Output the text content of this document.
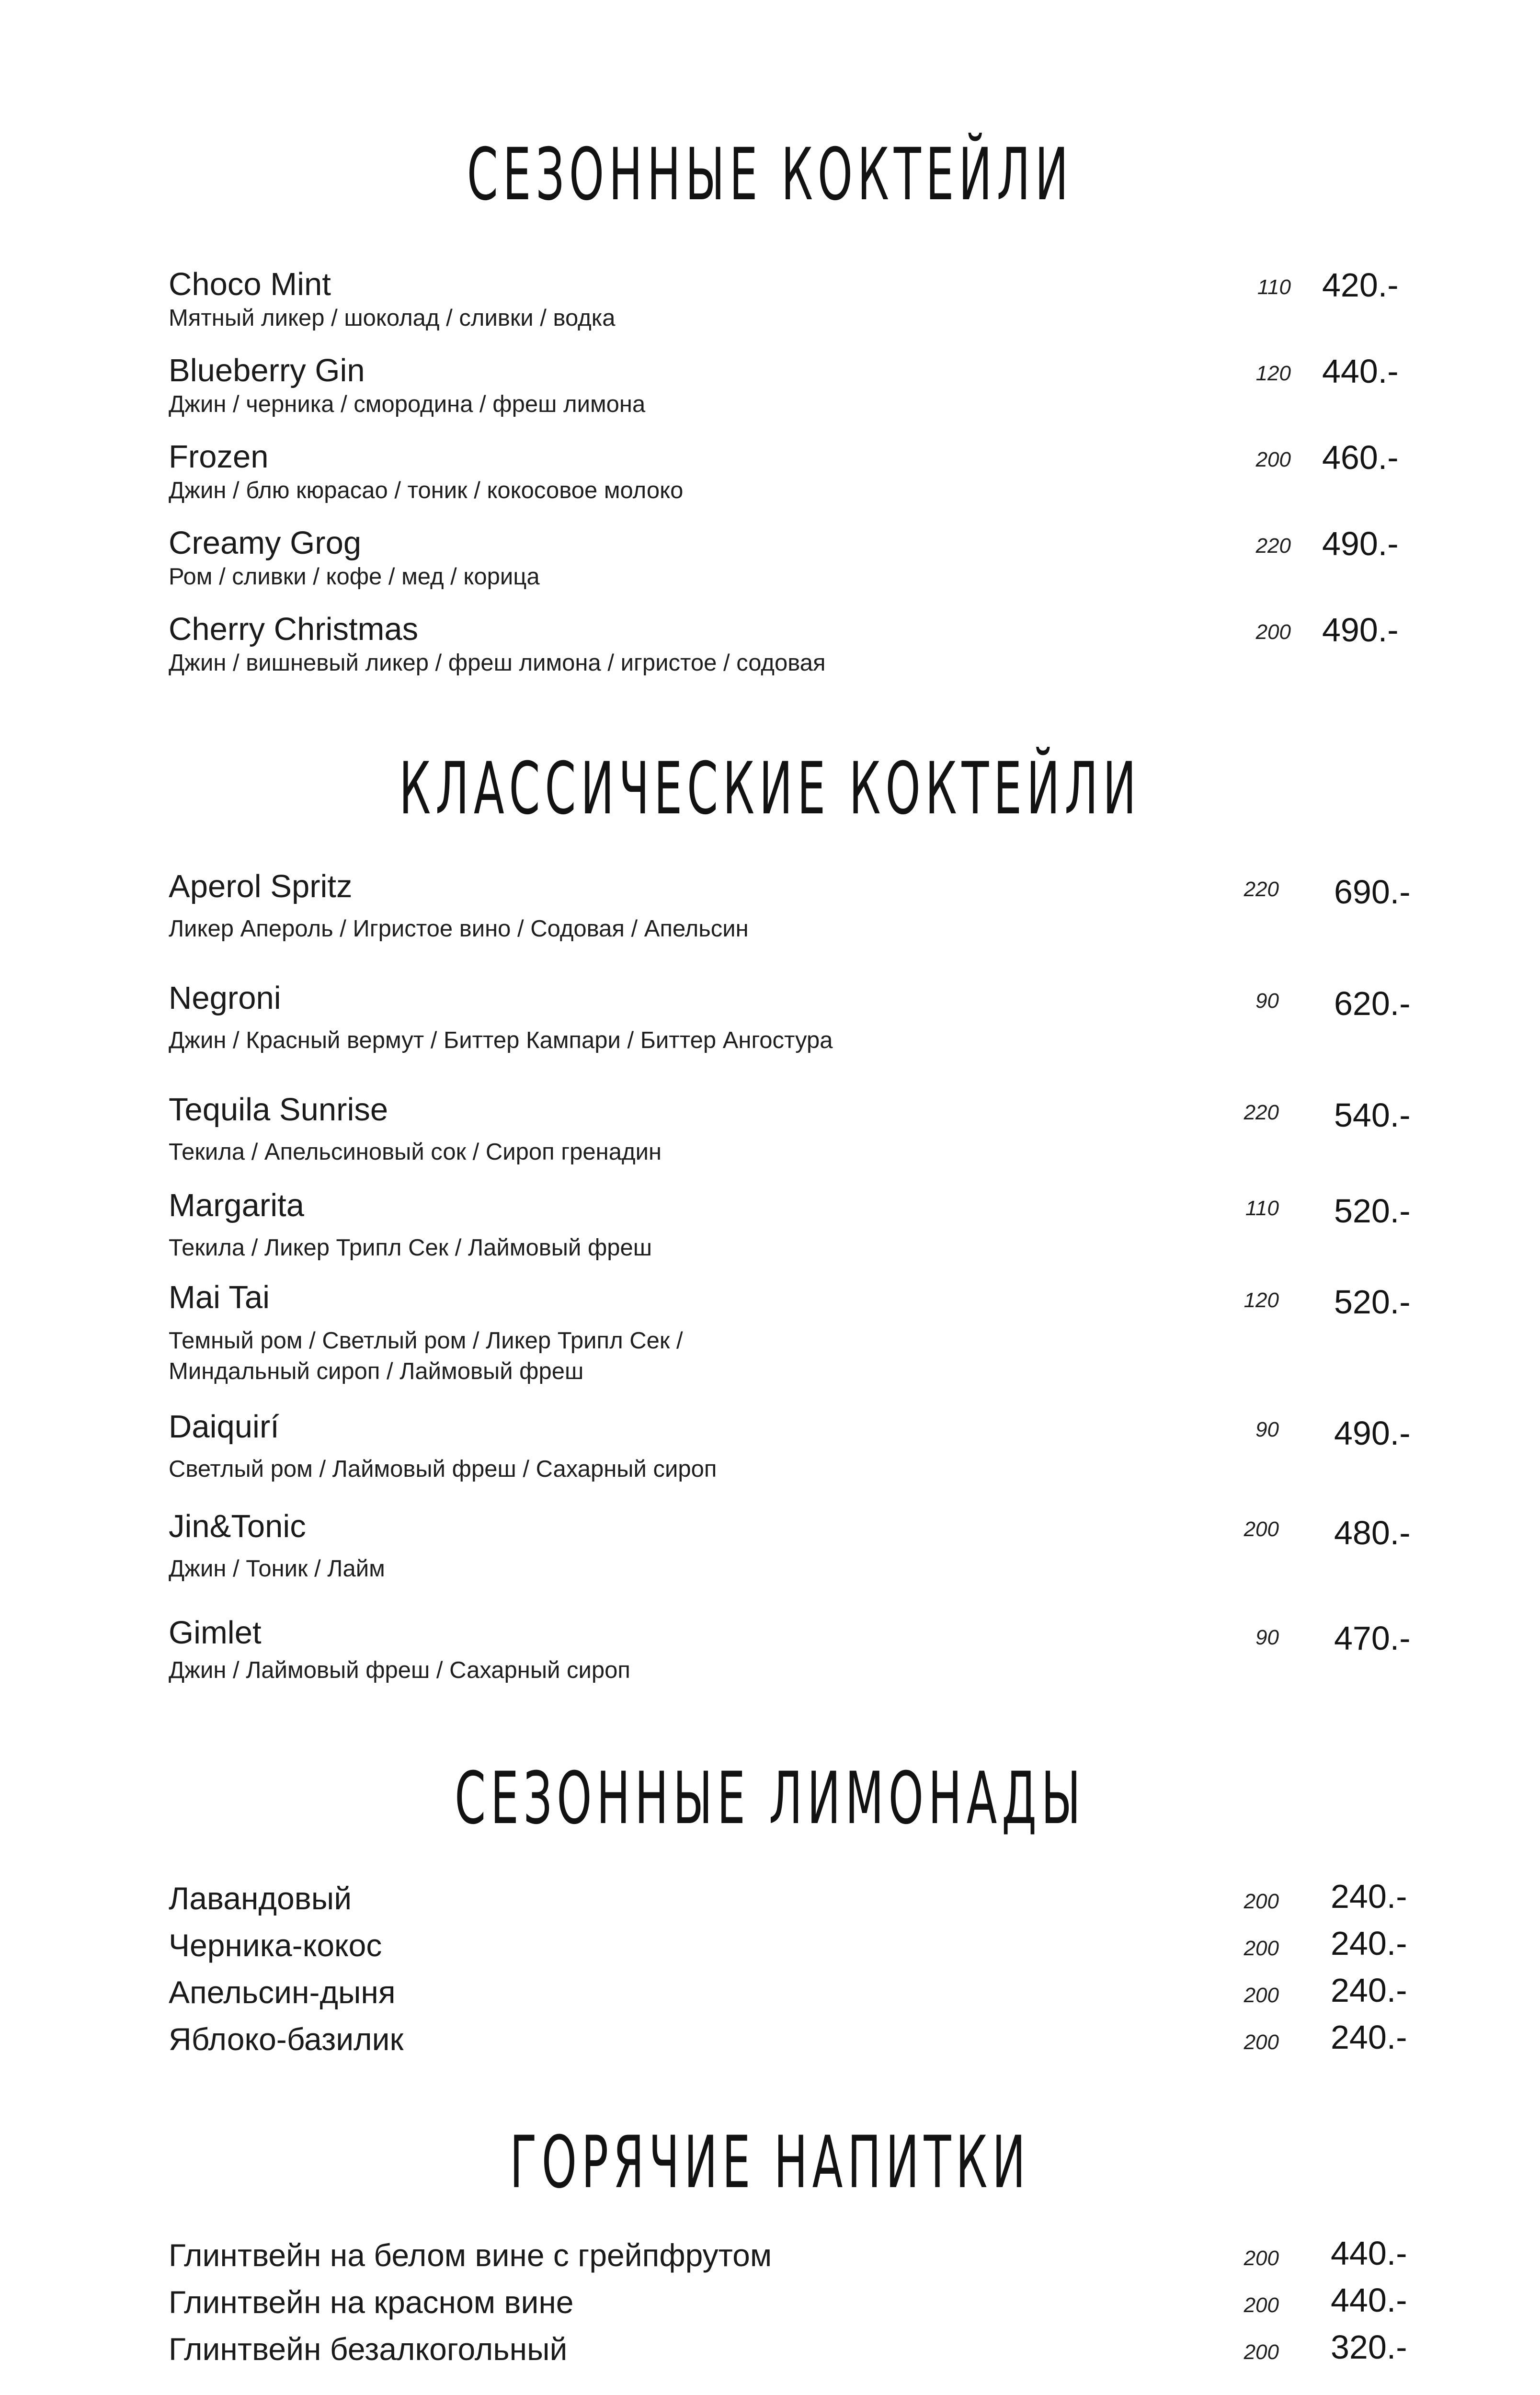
СЕЗОННЫЕ КОКТЕЙЛИ
Choco Mint
Мятный ликер / шоколад / сливки / водка
110 420.-
Blueberry Gin
Джин / черника / смородина / фреш лимона
120 440.-
Frozen
Джин / блю кюрасао / тоник / кокосовое молоко
200 460.-
Creamy Grog
Ром / сливки / кофе / мед / корица
220 490.-
Cherry Christmas
Джин / вишневый ликер / фреш лимона / игристое / содовая
200 490.-
КЛАССИЧЕСКИЕ КОКТЕЙЛИ
Aperol Spritz
Ликер Апероль / Игристое вино / Содовая / Апельсин
220 690.-
Negroni
Джин / Красный вермут / Биттер Кампари / Биттер Ангостура
90 620.-
Tequila Sunrise
Текила / Апельсиновый сок / Сироп гренадин
220 540.-
Margarita
Текила / Ликер Трипл Сек / Лаймовый фреш
110 520.-
Mai Tai
Темный ром / Светлый ром / Ликер Трипл Сек /
Миндальный сироп / Лаймовый фреш
120 520.-
Daiquirí
Светлый ром / Лаймовый фреш / Сахарный сироп
90 490.-
Jin&Tonic
Джин / Тоник / Лайм
200 480.-
Gimlet
Джин / Лаймовый фреш / Сахарный сироп
90 470.-
СЕЗОННЫЕ ЛИМОНАДЫ
Лавандовый	200 240.-
Черника-кокос	200 240.-
Апельсин-дыня	200 240.-
Яблоко-базилик	200 240.-
ГОРЯЧИЕ НАПИТКИ
Глинтвейн на белом вине с грейпфрутом	200 440.-
Глинтвейн на красном вине	200 440.-
Глинтвейн безалкогольный	200 320.-
